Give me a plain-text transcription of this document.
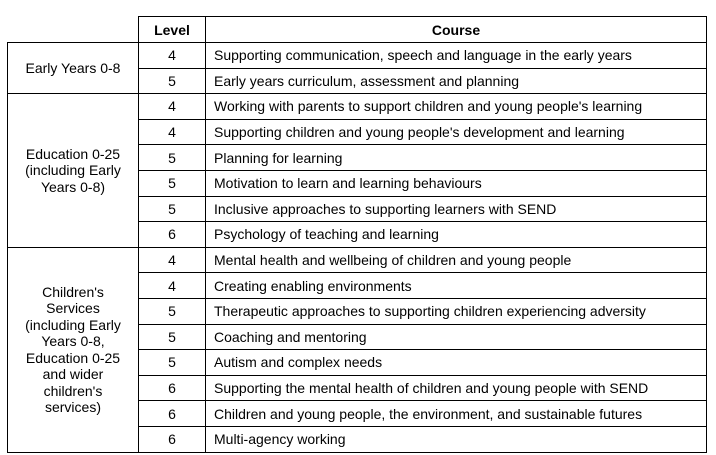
	Level	Course
Early Years 0-8	4	Supporting communication, speech and language in the early years
	5	Early years curriculum, assessment and planning
Education 0-25 (including Early Years 0-8)	4	Working with parents to support children and young people's learning
	4	Supporting children and young people's development and learning
	5	Planning for learning
	5	Motivation to learn and learning behaviours
	5	Inclusive approaches to supporting learners with SEND
	6	Psychology of teaching and learning
Children's Services (including Early Years 0-8, Education 0-25 and wider children's services)	4	Mental health and wellbeing of children and young people
	4	Creating enabling environments
	5	Therapeutic approaches to supporting children experiencing adversity
	5	Coaching and mentoring
	5	Autism and complex needs
	6	Supporting the mental health of children and young people with SEND
	6	Children and young people, the environment, and sustainable futures
	6	Multi-agency working
